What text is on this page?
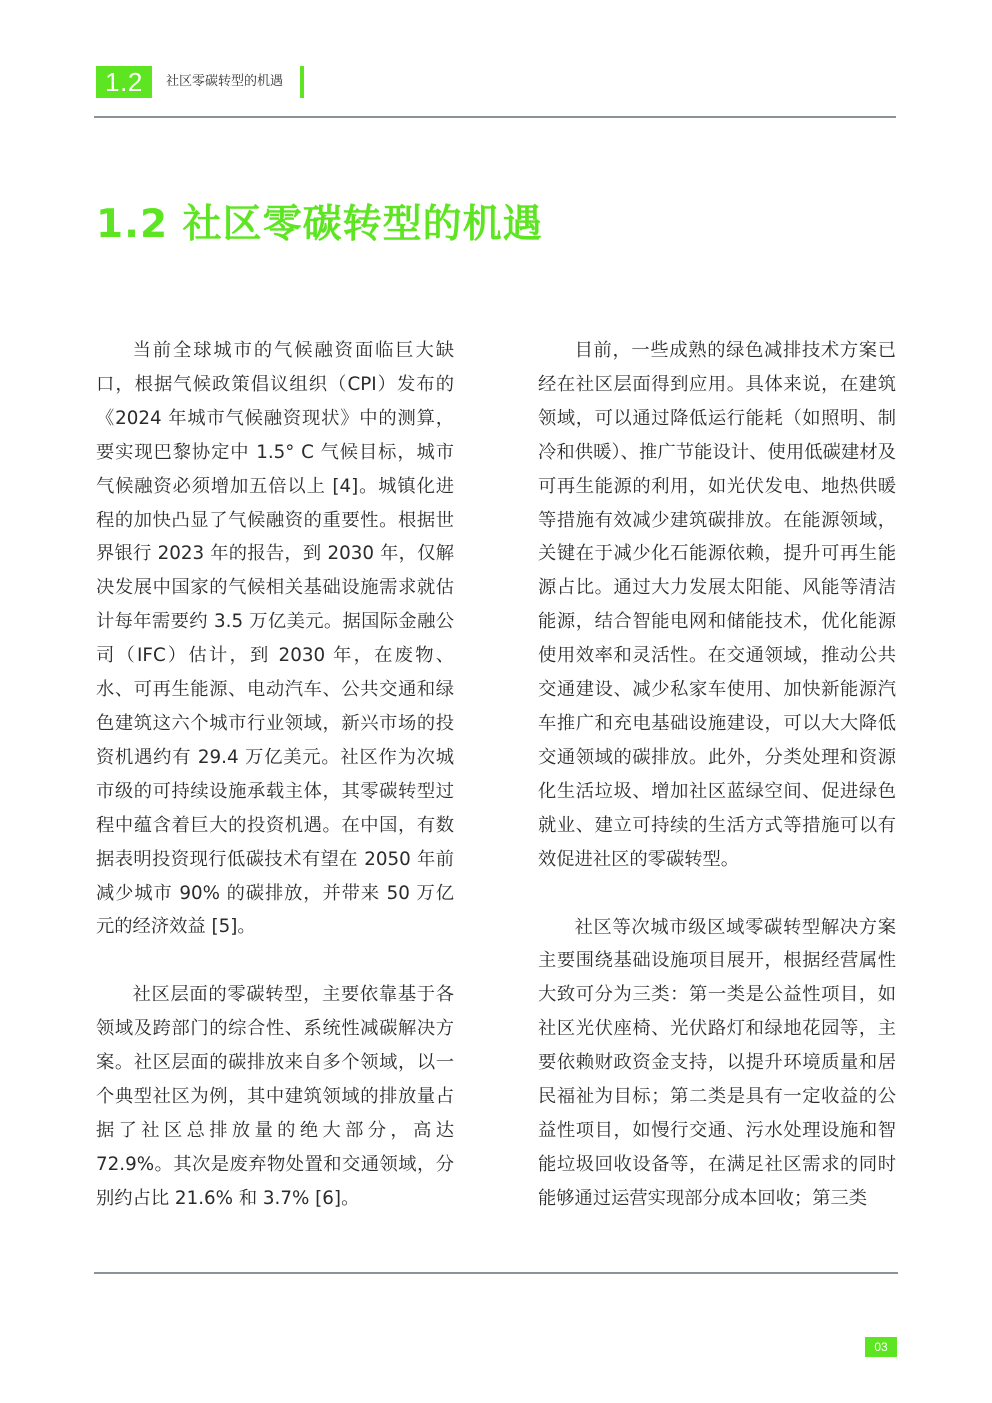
1.2	社区零碳转型的机遇
1.2 社区零碳转型的机遇

当前全球城市的气候融资面临巨大缺口，根据气候政策倡议组织（CPI）发布的《2024 年城市气候融资现状》中的测算，要实现巴黎协定中 1.5° C 气候目标，城市气候融资必须增加五倍以上 [4]。城镇化进程的加快凸显了气候融资的重要性。根据世界银行 2023 年的报告，到 2030 年，仅解决发展中国家的气候相关基础设施需求就估计每年需要约 3.5 万亿美元。据国际金融公司（IFC）估计，到 2030 年，在废物、水、可再生能源、电动汽车、公共交通和绿色建筑这六个城市行业领域，新兴市场的投资机遇约有 29.4 万亿美元。社区作为次城市级的可持续设施承载主体，其零碳转型过程中蕴含着巨大的投资机遇。在中国，有数据表明投资现行低碳技术有望在 2050 年前减少城市 90% 的碳排放，并带来 50 万亿元的经济效益 [5]。

社区层面的零碳转型，主要依靠基于各领域及跨部门的综合性、系统性减碳解决方案。社区层面的碳排放来自多个领域，以一个典型社区为例，其中建筑领域的排放量占据了社区总排放量的绝大部分，高达 72.9%。其次是废弃物处置和交通领域，分别约占比 21.6% 和 3.7% [6]。

目前，一些成熟的绿色减排技术方案已经在社区层面得到应用。具体来说，在建筑领域，可以通过降低运行能耗（如照明、制冷和供暖）、推广节能设计、使用低碳建材及可再生能源的利用，如光伏发电、地热供暖等措施有效减少建筑碳排放。在能源领域，关键在于减少化石能源依赖，提升可再生能源占比。通过大力发展太阳能、风能等清洁能源，结合智能电网和储能技术，优化能源使用效率和灵活性。在交通领域，推动公共交通建设、减少私家车使用、加快新能源汽车推广和充电基础设施建设，可以大大降低交通领域的碳排放。此外，分类处理和资源化生活垃圾、增加社区蓝绿空间、促进绿色就业、建立可持续的生活方式等措施可以有效促进社区的零碳转型。

社区等次城市级区域零碳转型解决方案主要围绕基础设施项目展开，根据经营属性大致可分为三类：第一类是公益性项目，如社区光伏座椅、光伏路灯和绿地花园等，主要依赖财政资金支持，以提升环境质量和居民福祉为目标；第二类是具有一定收益的公益性项目，如慢行交通、污水处理设施和智能垃圾回收设备等，在满足社区需求的同时能够通过运营实现部分成本回收；第三类

03
